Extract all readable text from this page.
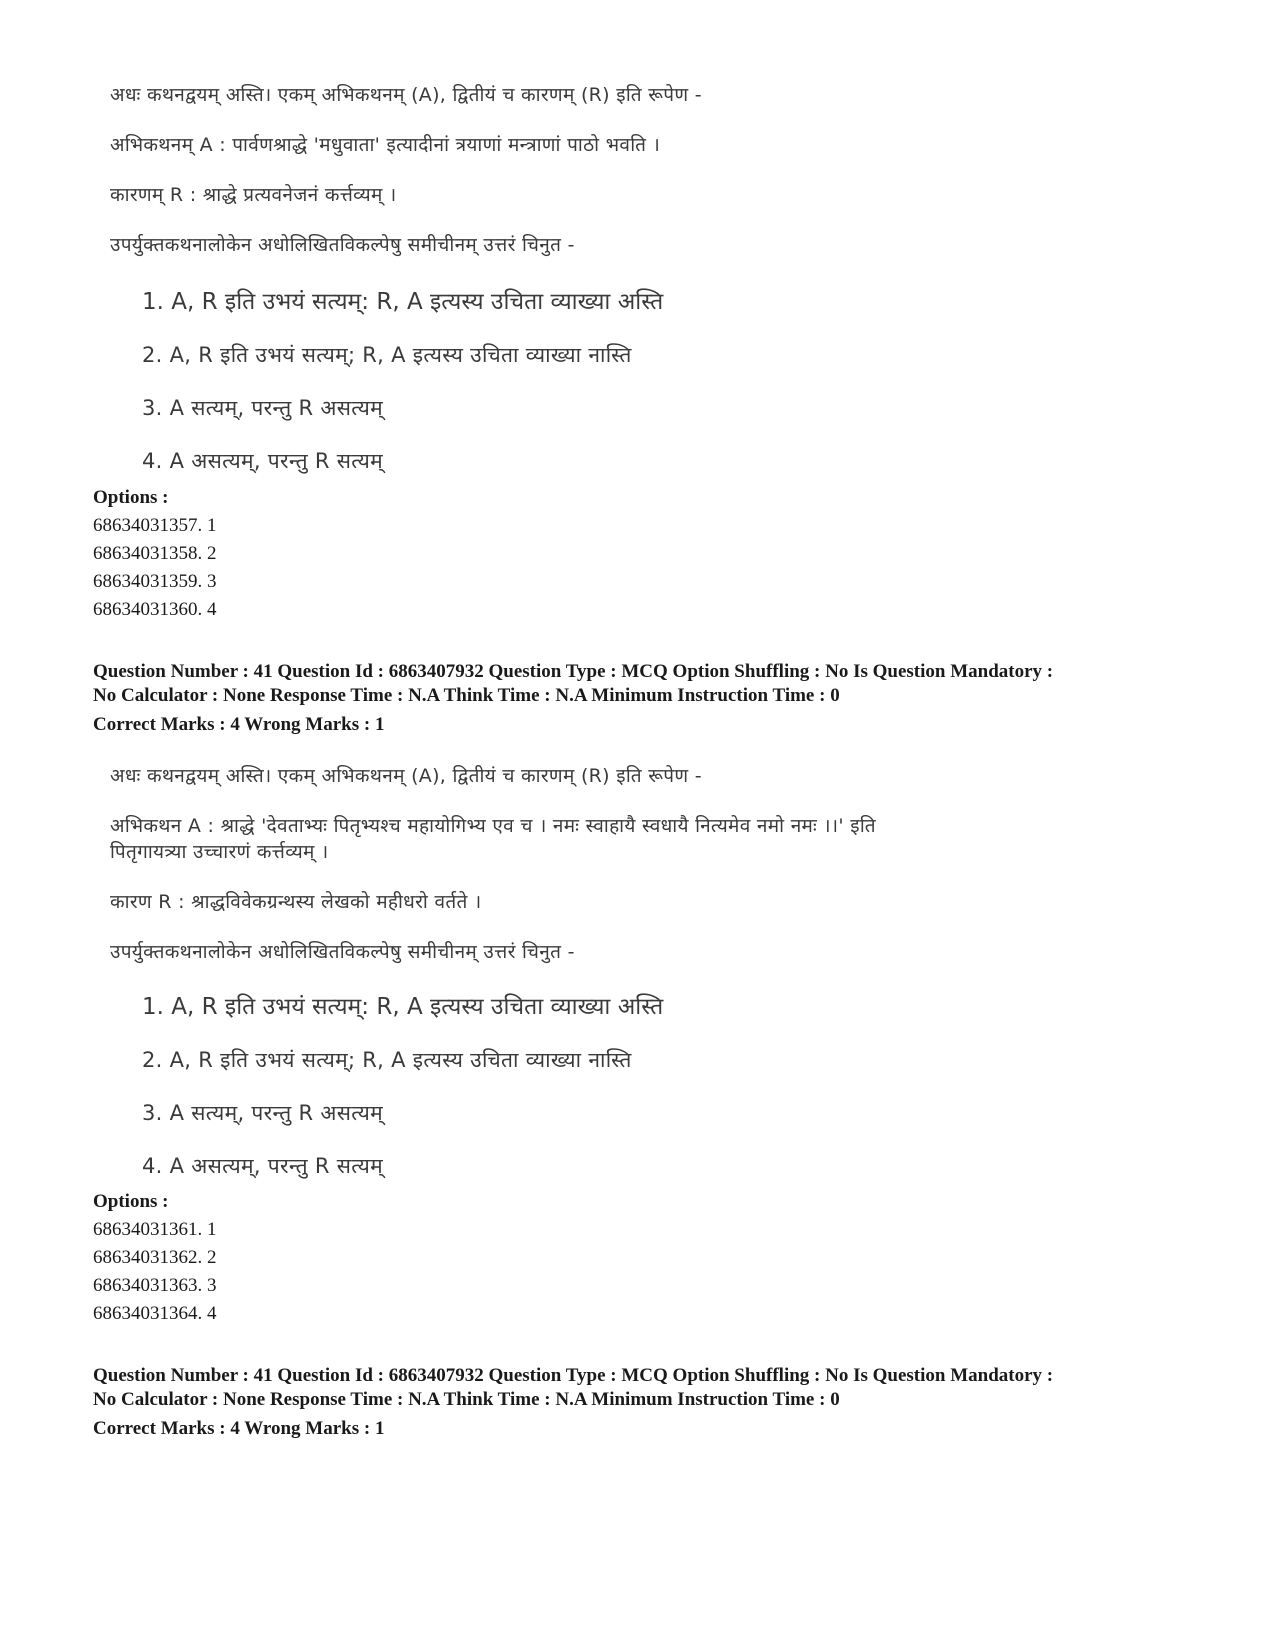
अधः कथनद्वयम् अस्ति। एकम् अभिकथनम् (A), द्वितीयं च कारणम् (R) इति रूपेण -

अभिकथनम् A : पार्वणश्राद्धे 'मधुवाता' इत्यादीनां त्रयाणां मन्त्राणां पाठो भवति ।

कारणम् R : श्राद्धे प्रत्यवनेजनं कर्त्तव्यम् ।

उपर्युक्तकथनालोकेन अधोलिखितविकल्पेषु समीचीनम् उत्तरं चिनुत -

1. A, R इति उभयं सत्यम्: R, A इत्यस्य उचिता व्याख्या अस्ति

2. A, R इति उभयं सत्यम्; R, A इत्यस्य उचिता व्याख्या नास्ति

3. A सत्यम्, परन्तु R असत्यम्

4. A असत्यम्, परन्तु R सत्यम्

Options :
68634031357. 1
68634031358. 2
68634031359. 3
68634031360. 4
Question Number : 41 Question Id : 6863407932 Question Type : MCQ Option Shuffling : No Is Question Mandatory :
No Calculator : None Response Time : N.A Think Time : N.A Minimum Instruction Time : 0
Correct Marks : 4 Wrong Marks : 1

अधः कथनद्वयम् अस्ति। एकम् अभिकथनम् (A), द्वितीयं च कारणम् (R) इति रूपेण -

अभिकथन A : श्राद्धे 'देवताभ्यः पितृभ्यश्च महायोगिभ्य एव च । नमः स्वाहायै स्वधायै नित्यमेव नमो नमः ।।' इति

पितृगायत्र्या उच्चारणं कर्त्तव्यम् ।

कारण R : श्राद्धविवेकग्रन्थस्य लेखको महीधरो वर्तते ।

उपर्युक्तकथनालोकेन अधोलिखितविकल्पेषु समीचीनम् उत्तरं चिनुत -

1. A, R इति उभयं सत्यम्: R, A इत्यस्य उचिता व्याख्या अस्ति

2. A, R इति उभयं सत्यम्; R, A इत्यस्य उचिता व्याख्या नास्ति

3. A सत्यम्, परन्तु R असत्यम्

4. A असत्यम्, परन्तु R सत्यम्

Options :
68634031361. 1
68634031362. 2
68634031363. 3
68634031364. 4
Question Number : 41 Question Id : 6863407932 Question Type : MCQ Option Shuffling : No Is Question Mandatory :
No Calculator : None Response Time : N.A Think Time : N.A Minimum Instruction Time : 0
Correct Marks : 4 Wrong Marks : 1
